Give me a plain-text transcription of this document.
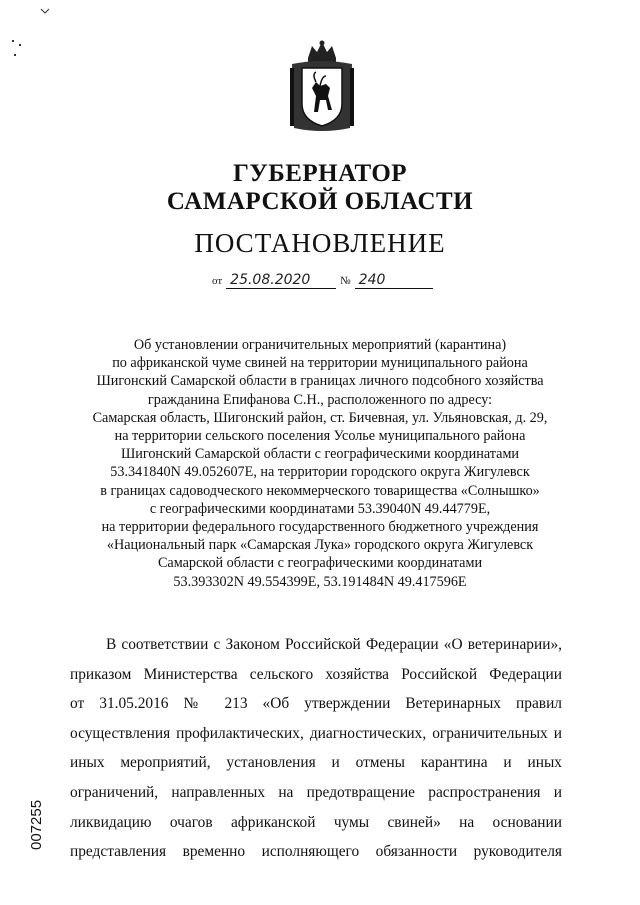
ГУБЕРНАТОР
САМАРСКОЙ ОБЛАСТИ
ПОСТАНОВЛЕНИЕ
от 25.08.2020	№ 240
Об установлении ограничительных мероприятий (карантина)
по африканской чуме свиней на территории муниципального района
Шигонский Самарской области в границах личного подсобного хозяйства
гражданина Епифанова С.Н., расположенного по адресу:
Самарская область, Шигонский район, ст. Бичевная, ул. Ульяновская, д. 29,
на территории сельского поселения Усолье муниципального района
Шигонский Самарской области с географическими координатами
53.341840N 49.052607E, на территории городского округа Жигулевск
в границах садоводческого некоммерческого товарищества «Солнышко»
с географическими координатами 53.39040N 49.44779E,
на территории федерального государственного бюджетного учреждения
«Национальный парк «Самарская Лука» городского округа Жигулевск
Самарской области с географическими координатами
53.393302N 49.554399E, 53.191484N 49.417596E
В соответствии с Законом Российской Федерации «О ветеринарии»,
приказом Министерства сельского хозяйства Российской Федерации
от 31.05.2016 № 213 «Об утверждении Ветеринарных правил
осуществления профилактических, диагностических, ограничительных и
иных мероприятий, установления и отмены карантина и иных
ограничений, направленных на предотвращение распространения и
ликвидацию очагов африканской чумы свиней» на основании
представления временно исполняющего обязанности руководителя
007255
